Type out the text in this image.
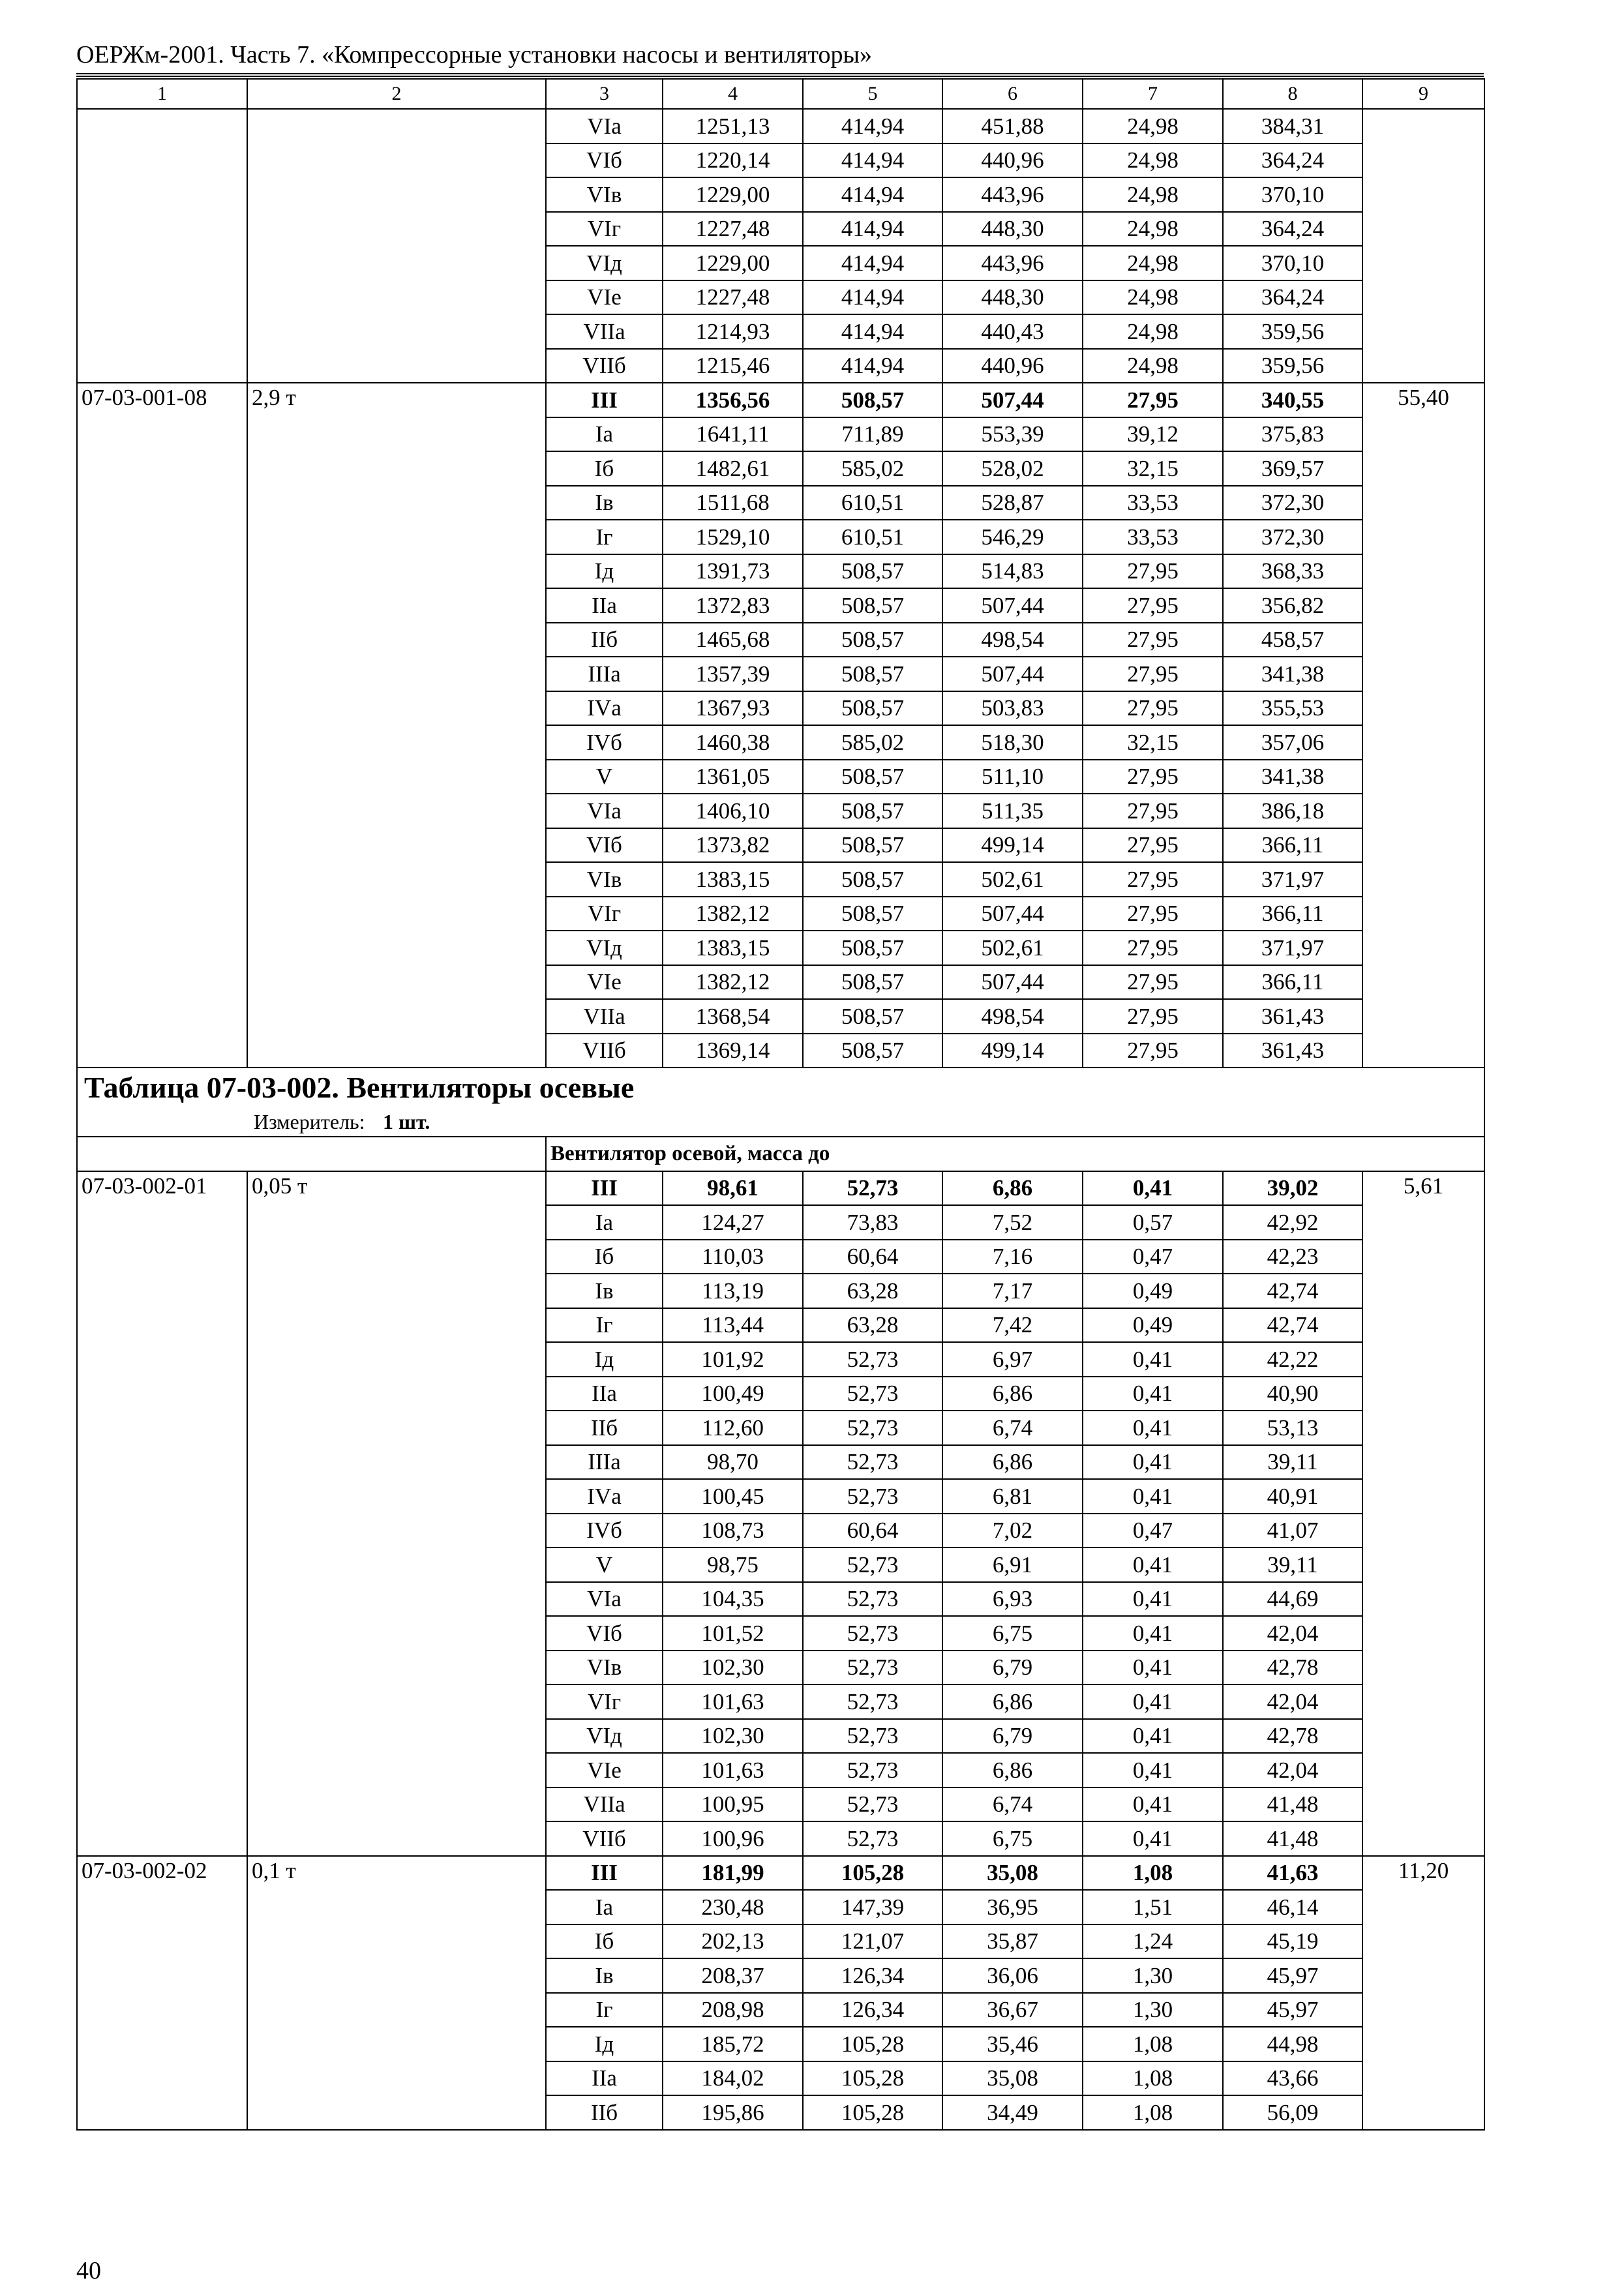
ОЕРЖм-2001. Часть 7. «Компрессорные установки насосы и вентиляторы»
1	2	3	4	5	6	7	8	9
		VIа	1251,13	414,94	451,88	24,98	384,31	
		VIб	1220,14	414,94	440,96	24,98	364,24	
		VIв	1229,00	414,94	443,96	24,98	370,10	
		VIг	1227,48	414,94	448,30	24,98	364,24	
		VIд	1229,00	414,94	443,96	24,98	370,10	
		VIе	1227,48	414,94	448,30	24,98	364,24	
		VIIа	1214,93	414,94	440,43	24,98	359,56	
		VIIб	1215,46	414,94	440,96	24,98	359,56	
07-03-001-08	2,9 т	III	1356,56	508,57	507,44	27,95	340,55	55,40
		Iа	1641,11	711,89	553,39	39,12	375,83	
		Iб	1482,61	585,02	528,02	32,15	369,57	
		Iв	1511,68	610,51	528,87	33,53	372,30	
		Iг	1529,10	610,51	546,29	33,53	372,30	
		Iд	1391,73	508,57	514,83	27,95	368,33	
		IIа	1372,83	508,57	507,44	27,95	356,82	
		IIб	1465,68	508,57	498,54	27,95	458,57	
		IIIа	1357,39	508,57	507,44	27,95	341,38	
		IVа	1367,93	508,57	503,83	27,95	355,53	
		IVб	1460,38	585,02	518,30	32,15	357,06	
		V	1361,05	508,57	511,10	27,95	341,38	
		VIа	1406,10	508,57	511,35	27,95	386,18	
		VIб	1373,82	508,57	499,14	27,95	366,11	
		VIв	1383,15	508,57	502,61	27,95	371,97	
		VIг	1382,12	508,57	507,44	27,95	366,11	
		VIд	1383,15	508,57	502,61	27,95	371,97	
		VIе	1382,12	508,57	507,44	27,95	366,11	
		VIIа	1368,54	508,57	498,54	27,95	361,43	
		VIIб	1369,14	508,57	499,14	27,95	361,43	
Таблица 07-03-002. Вентиляторы осевые								
Измеритель: 1 шт.								
		Вентилятор осевой, масса до						
07-03-002-01	0,05 т	III	98,61	52,73	6,86	0,41	39,02	5,61
		Iа	124,27	73,83	7,52	0,57	42,92	
		Iб	110,03	60,64	7,16	0,47	42,23	
		Iв	113,19	63,28	7,17	0,49	42,74	
		Iг	113,44	63,28	7,42	0,49	42,74	
		Iд	101,92	52,73	6,97	0,41	42,22	
		IIа	100,49	52,73	6,86	0,41	40,90	
		IIб	112,60	52,73	6,74	0,41	53,13	
		IIIа	98,70	52,73	6,86	0,41	39,11	
		IVа	100,45	52,73	6,81	0,41	40,91	
		IVб	108,73	60,64	7,02	0,47	41,07	
		V	98,75	52,73	6,91	0,41	39,11	
		VIа	104,35	52,73	6,93	0,41	44,69	
		VIб	101,52	52,73	6,75	0,41	42,04	
		VIв	102,30	52,73	6,79	0,41	42,78	
		VIг	101,63	52,73	6,86	0,41	42,04	
		VIд	102,30	52,73	6,79	0,41	42,78	
		VIе	101,63	52,73	6,86	0,41	42,04	
		VIIа	100,95	52,73	6,74	0,41	41,48	
		VIIб	100,96	52,73	6,75	0,41	41,48	
07-03-002-02	0,1 т	III	181,99	105,28	35,08	1,08	41,63	11,20
		Iа	230,48	147,39	36,95	1,51	46,14	
		Iб	202,13	121,07	35,87	1,24	45,19	
		Iв	208,37	126,34	36,06	1,30	45,97	
		Iг	208,98	126,34	36,67	1,30	45,97	
		Iд	185,72	105,28	35,46	1,08	44,98	
		IIа	184,02	105,28	35,08	1,08	43,66	
		IIб	195,86	105,28	34,49	1,08	56,09	
40
